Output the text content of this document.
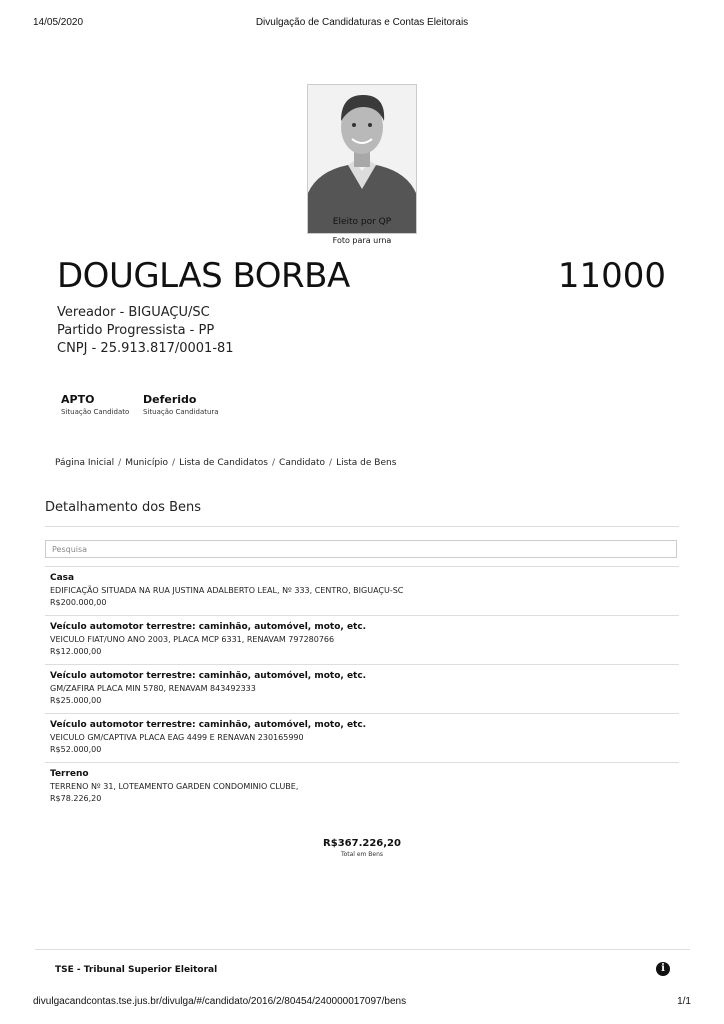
14/05/2020	Divulgação de Candidaturas e Contas Eleitorais
Eleito por QP
Foto para urna
DOUGLAS BORBA	11000
Vereador - BIGUAÇU/SC
Partido Progressista - PP
CNPJ - 25.913.817/0001-81
APTO
Situação Candidato
Deferido
Situação Candidatura
Página Inicial / Município / Lista de Candidatos / Candidato / Lista de Bens
Detalhamento dos Bens
Pesquisa
Casa
EDIFICAÇÃO SITUADA NA RUA JUSTINA ADALBERTO LEAL, Nº 333, CENTRO, BIGUAÇU-SC
R$200.000,00
Veículo automotor terrestre: caminhão, automóvel, moto, etc.
VEICULO FIAT/UNO ANO 2003, PLACA MCP 6331, RENAVAM 797280766
R$12.000,00
Veículo automotor terrestre: caminhão, automóvel, moto, etc.
GM/ZAFIRA PLACA MIN 5780, RENAVAM 843492333
R$25.000,00
Veículo automotor terrestre: caminhão, automóvel, moto, etc.
VEICULO GM/CAPTIVA PLACA EAG 4499 E RENAVAN 230165990
R$52.000,00
Terreno
TERRENO Nº 31, LOTEAMENTO GARDEN CONDOMINIO CLUBE,
R$78.226,20
R$367.226,20
Total em Bens
TSE - Tribunal Superior Eleitoral	i
divulgacandcontas.tse.jus.br/divulga/#/candidato/2016/2/80454/240000017097/bens	1/1
